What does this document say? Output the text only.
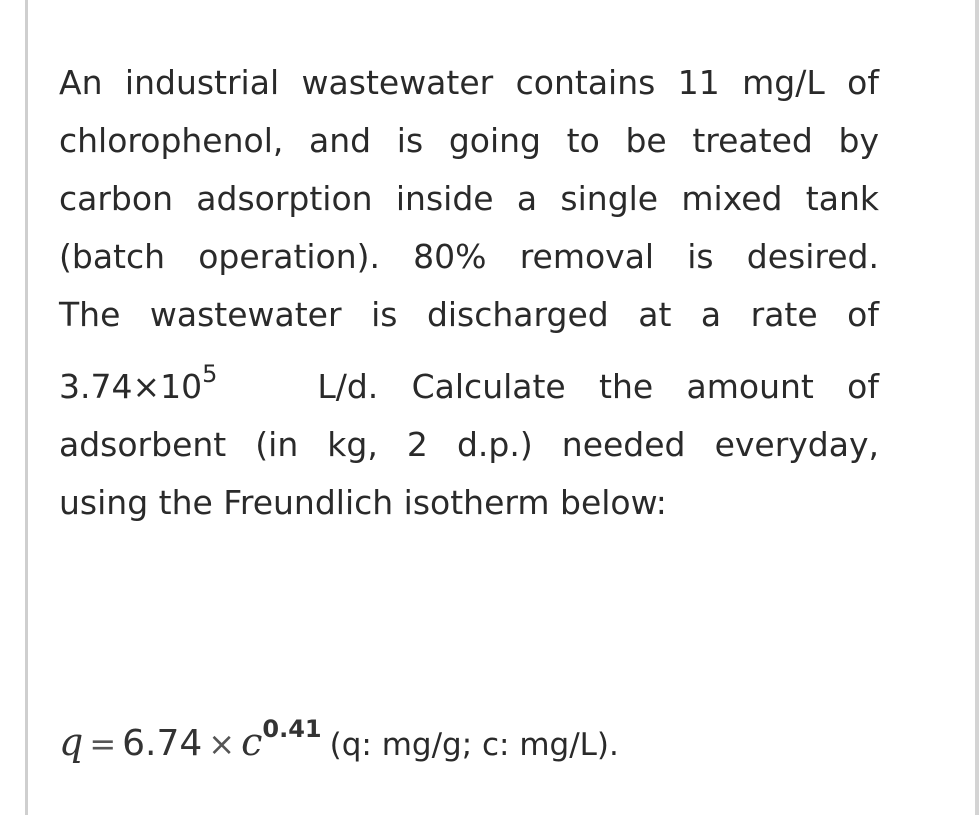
An industrial wastewater contains 11 mg/L of
chlorophenol, and is going to be treated by
carbon adsorption inside a single mixed tank
(batch operation). 80% removal is desired.
The wastewater is discharged at a rate of
$3.74\times 10^5$	L/d. Calculate the amount of
adsorbent (in kg, 2 d.p.) needed everyday,
using the Freundlich isotherm below:
q = 6.74 × c0.41 (q: mg/g; c: mg/L).
